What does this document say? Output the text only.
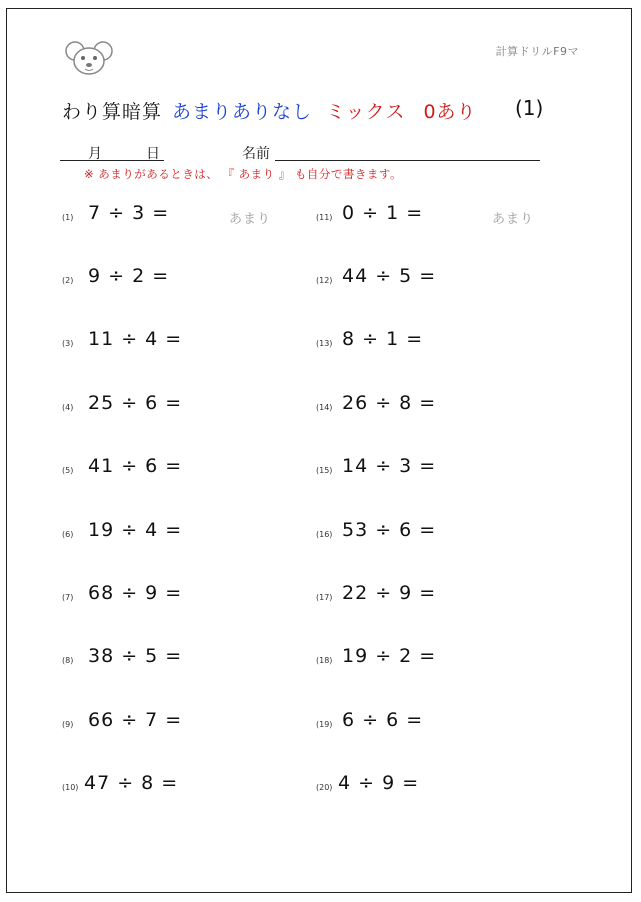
計算ドリルF9マ
わり算暗算 あまりありなし ミックス 0あり (1)
月	日	名前
※ あまりがあるときは、 『 あまり 』 も自分で書きます。
(1) 7 ÷ 3 =	あまり
(2) 9 ÷ 2 =
(3) 11 ÷ 4 =
(4) 25 ÷ 6 =
(5) 41 ÷ 6 =
(6) 19 ÷ 4 =
(7) 68 ÷ 9 =
(8) 38 ÷ 5 =
(9) 66 ÷ 7 =
(10) 47 ÷ 8 =
(11) 0 ÷ 1 =	あまり
(12) 44 ÷ 5 =
(13) 8 ÷ 1 =
(14) 26 ÷ 8 =
(15) 14 ÷ 3 =
(16) 53 ÷ 6 =
(17) 22 ÷ 9 =
(18) 19 ÷ 2 =
(19) 6 ÷ 6 =
(20) 4 ÷ 9 =
